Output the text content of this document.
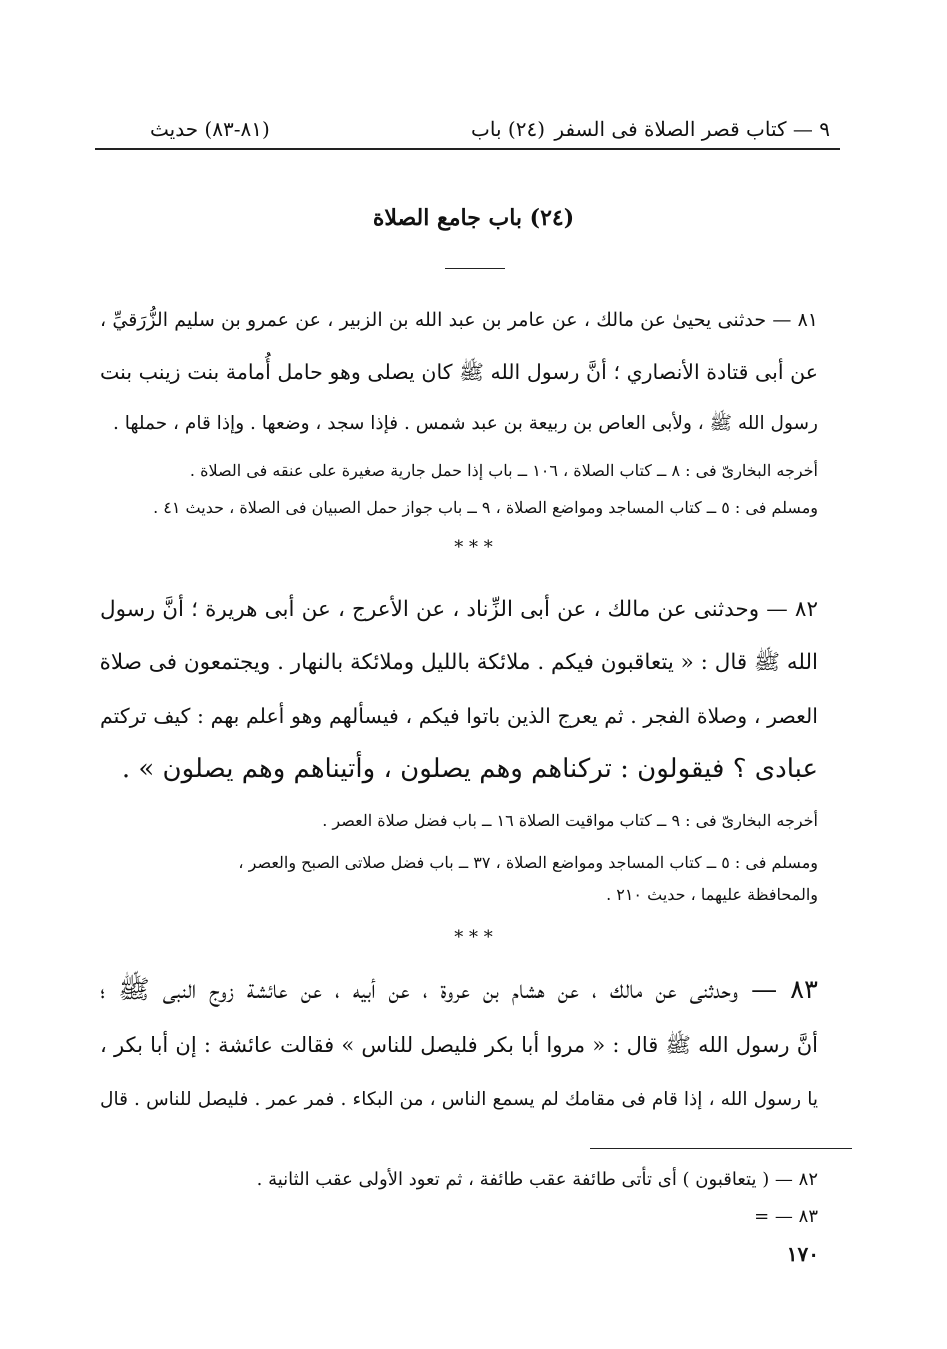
٩ — كتاب قصر الصلاة فى السفر
(٢٤) باب
(٨١-٨٣) حديث
(٢٤) باب جامع الصلاة
٨١ — حدثنى يحيىٰ عن مالك ، عن عامر بن عبد الله بن الزبير ، عن عمرو بن سليم الزُّرَقيِّ ،
عن أبى قتادة الأنصاري ؛ أنَّ رسول الله ﷺ كان يصلى وهو حامل أُمامة بنت زينب بنت
رسول الله ﷺ ، ولأبى العاص بن ربيعة بن عبد شمس . فإذا سجد ، وضعها . وإذا قام ، حملها .
أخرجه البخارىّ فى : ٨ ــ كتاب الصلاة ، ١٠٦ ــ باب إذا حمل جارية صغيرة على عنقه فى الصلاة .
ومسلم فى : ٥ ــ كتاب المساجد ومواضع الصلاة ، ٩ ــ باب جواز حمل الصبيان فى الصلاة ، حديث ٤١ .
* * *
٨٢ — وحدثنى عن مالك ، عن أبى الزِّناد ، عن الأعرج ، عن أبى هريرة ؛ أنَّ رسول
الله ﷺ قال : « يتعاقبون فيكم . ملائكة بالليل وملائكة بالنهار . ويجتمعون فى صلاة
العصر ، وصلاة الفجر . ثم يعرج الذين باتوا فيكم ، فيسألهم وهو أعلم بهم : كيف تركتم
عبادى ؟ فيقولون : تركناهم وهم يصلون ، وأتيناهم وهم يصلون » .
أخرجه البخارىّ فى : ٩ ــ كتاب مواقيت الصلاة ١٦ ــ باب فضل صلاة العصر .
ومسلم فى : ٥ ــ كتاب المساجد ومواضع الصلاة ، ٣٧ ــ باب فضل صلاتى الصبح والعصر ،
والمحافظة عليهما ، حديث ٢١٠ .
* * *
٨٣ — وحدثنى عن مالك ، عن هشام بن عروة ، عن أبيه ، عن عائشة زوج النبى ﷺ ؛
أنَّ رسول الله ﷺ قال : « مروا أبا بكر فليصل للناس » فقالت عائشة : إن أبا بكر ،
يا رسول الله ، إذا قام فى مقامك لم يسمع الناس ، من البكاء . فمر عمر . فليصل للناس . قال
٨٢ — ( يتعاقبون ) أى تأتى طائفة عقب طائفة ، ثم تعود الأولى عقب الثانية .
٨٣ — =
١٧٠
